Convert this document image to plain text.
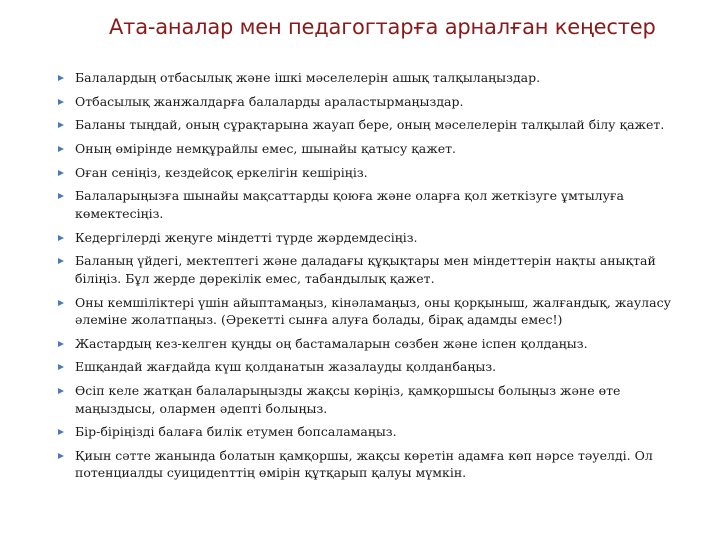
Ата-аналар мен педагогтарға арналған кеңестер
Балалардың отбасылық және ішкі мәселелерін ашық талқылаңыздар.
Отбасылық жанжалдарға балаларды араластырмаңыздар.
Баланы тыңдай, оның сұрақтарына жауап бере, оның мәселелерін талқылай білу қажет.
Оның өмірінде немқұрайлы емес, шынайы қатысу қажет.
Оған сеніңіз, кездейсоқ еркелігін кешіріңіз.
Балаларыңызға шынайы мақсаттарды қоюға және оларға қол жеткізуге ұмтылуға көмектесіңіз.
Кедергілерді жеңуге міндетті түрде жәрдемдесіңіз.
Баланың үйдегі, мектептегі және даладағы құқықтары мен міндеттерін нақты анықтай біліңіз. Бұл жерде дөрекілік емес, табандылық қажет.
Оны кемшіліктері үшін айыптамаңыз, кінәламаңыз, оны қорқыныш, жалғандық, жауласу әлеміне жолатпаңыз. (Әрекетті сынға алуға болады, бірақ адамды емес!)
Жастардың кез-келген қуңды оң бастамаларын сөзбен және іспен қолдаңыз.
Ешқандай жағдайда күш қолданатын жазалауды қолданбаңыз.
Өсіп келе жатқан балаларыңызды жақсы көріңіз, қамқоршысы болыңыз және өте маңыздысы, олармен әдепті болыңыз.
Бір-біріңізді балаға билік етумен бопсаламаңыз.
Қиын сәтте жанында болатын қамқоршы, жақсы көретін адамға көп нәрсе тәуелді. Ол потенциалды суицидenттің өмірін құтқарып қалуы мүмкін.
